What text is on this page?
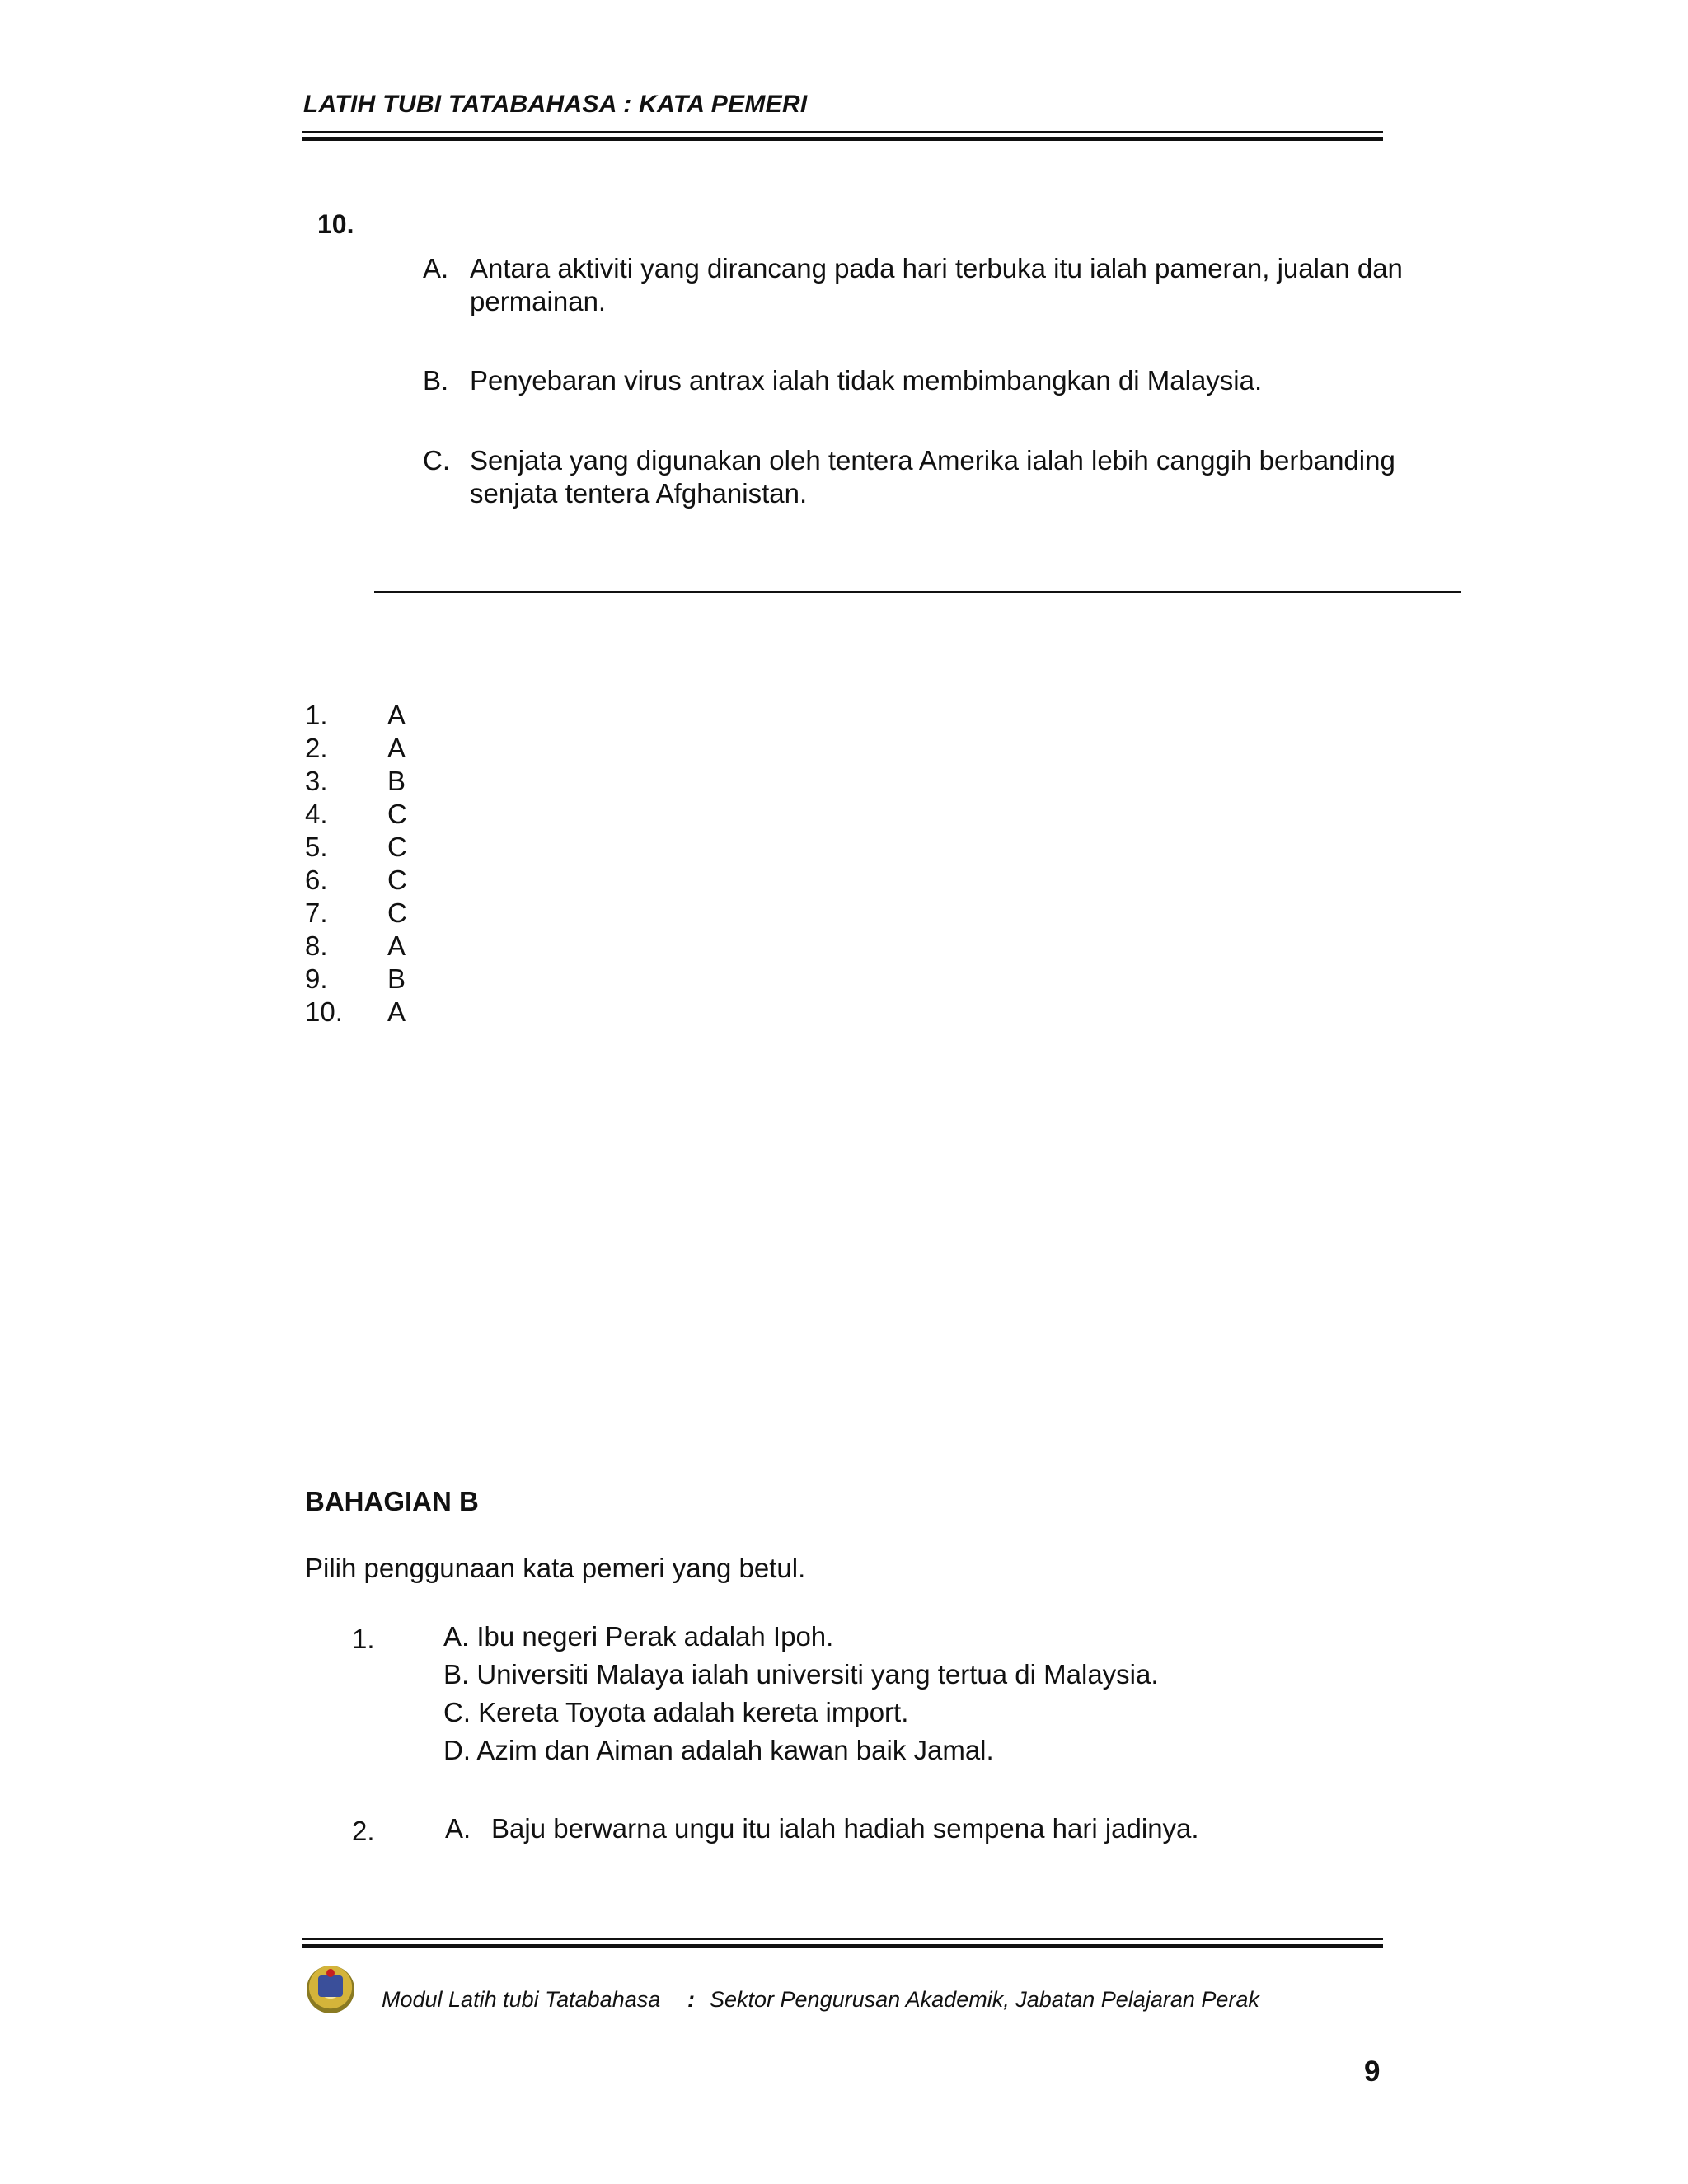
LATIH TUBI TATABAHASA : KATA PEMERI
10.
A. Antara aktiviti yang dirancang pada hari terbuka itu ialah pameran, jualan dan
permainan.
B. Penyebaran virus antrax ialah tidak membimbangkan di Malaysia.
C. Senjata yang digunakan oleh tentera Amerika ialah lebih canggih berbanding
senjata tentera Afghanistan.
1. A
2. A
3. B
4. C
5. C
6. C
7. C
8. A
9. B
10. A
BAHAGIAN B
Pilih penggunaan kata pemeri yang betul.
1.	A. Ibu negeri Perak adalah Ipoh.
B. Universiti Malaya ialah universiti yang tertua di Malaysia.
C. Kereta Toyota adalah kereta import.
D. Azim dan Aiman adalah kawan baik Jamal.
2.	A. Baju berwarna ungu itu ialah hadiah sempena hari jadinya.
Modul Latih tubi Tatabahasa : Sektor Pengurusan Akademik, Jabatan Pelajaran Perak
9
